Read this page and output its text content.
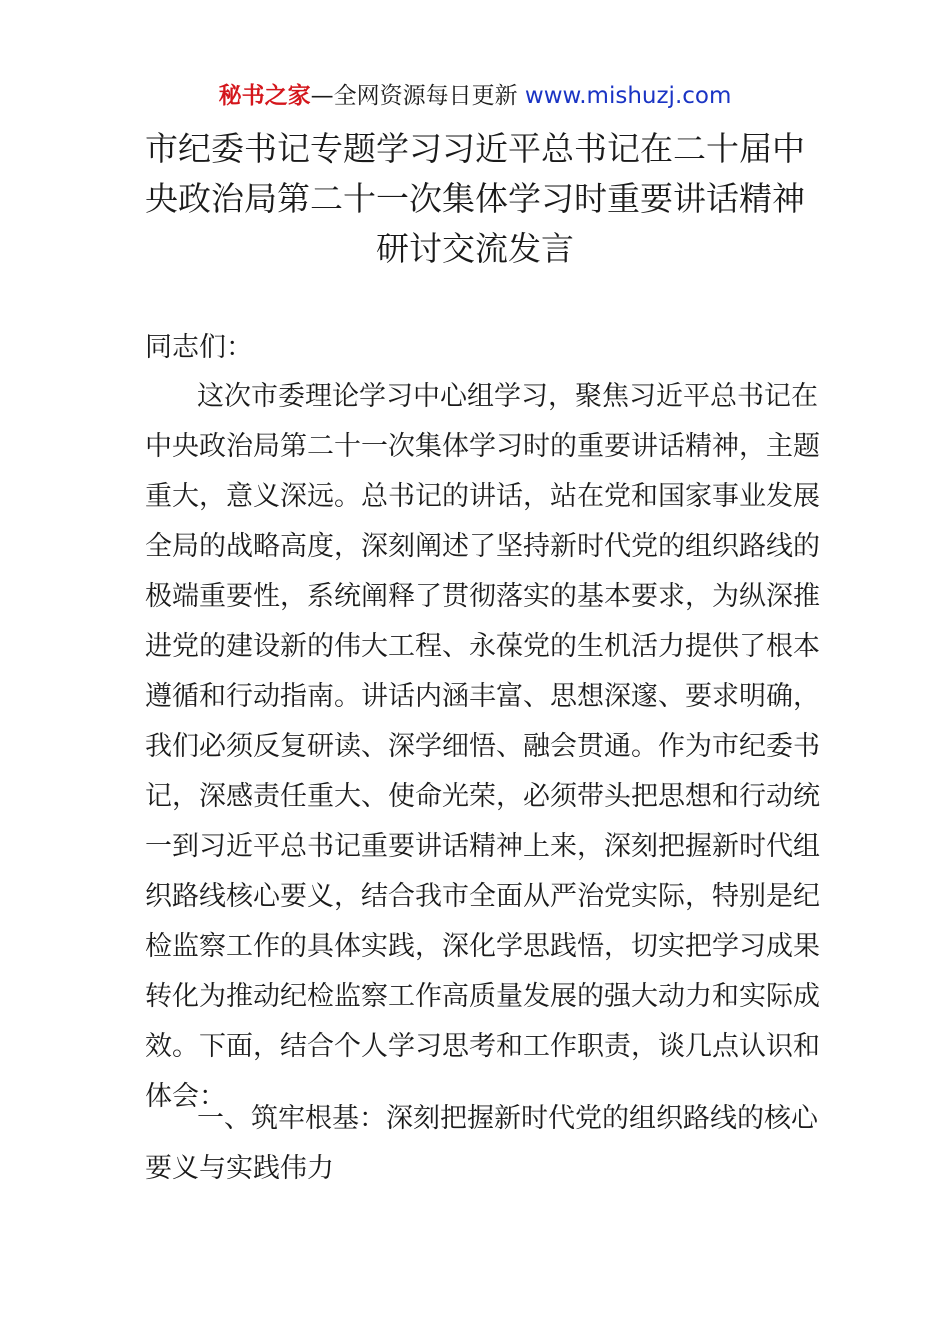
秘书之家—全网资源每日更新 www.mishuzj.com
市纪委书记专题学习习近平总书记在二十届中
央政治局第二十一次集体学习时重要讲话精神
研讨交流发言
同志们：
这次市委理论学习中心组学习，聚焦习近平总书记在
中央政治局第二十一次集体学习时的重要讲话精神，主题
重大，意义深远。总书记的讲话，站在党和国家事业发展
全局的战略高度，深刻阐述了坚持新时代党的组织路线的
极端重要性，系统阐释了贯彻落实的基本要求，为纵深推
进党的建设新的伟大工程、永葆党的生机活力提供了根本
遵循和行动指南。讲话内涵丰富、思想深邃、要求明确，
我们必须反复研读、深学细悟、融会贯通。作为市纪委书
记，深感责任重大、使命光荣，必须带头把思想和行动统
一到习近平总书记重要讲话精神上来，深刻把握新时代组
织路线核心要义，结合我市全面从严治党实际，特别是纪
检监察工作的具体实践，深化学思践悟，切实把学习成果
转化为推动纪检监察工作高质量发展的强大动力和实际成
效。下面，结合个人学习思考和工作职责，谈几点认识和
体会：
一、筑牢根基：深刻把握新时代党的组织路线的核心
要义与实践伟力
